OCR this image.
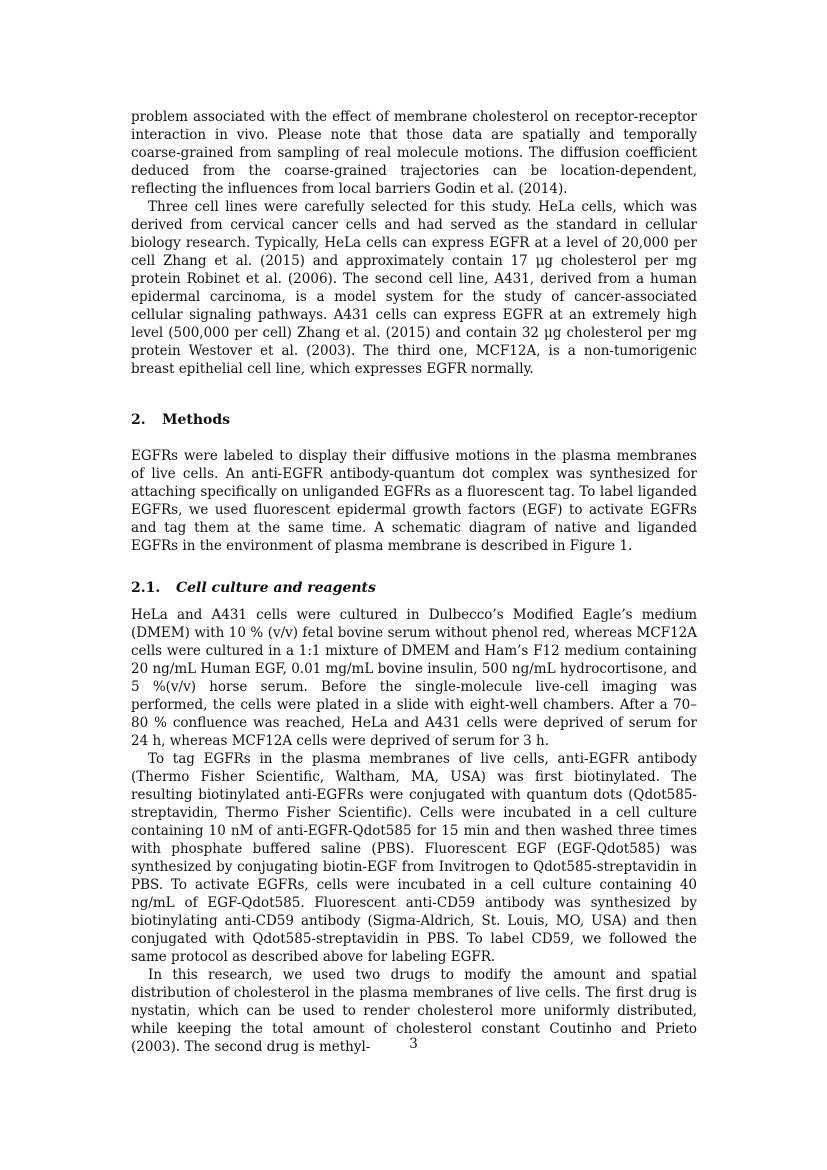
problem associated with the effect of membrane cholesterol on receptor-receptor interaction in vivo. Please note that those data are spatially and temporally coarse-grained from sampling of real molecule motions. The diffusion coefficient deduced from the coarse-grained trajectories can be location-dependent, reflecting the influences from local barriers Godin et al. (2014).

Three cell lines were carefully selected for this study. HeLa cells, which was derived from cervical cancer cells and had served as the standard in cellular biology research. Typically, HeLa cells can express EGFR at a level of 20,000 per cell Zhang et al. (2015) and approximately contain 17 μg cholesterol per mg protein Robinet et al. (2006). The second cell line, A431, derived from a human epidermal carcinoma, is a model system for the study of cancer-associated cellular signaling pathways. A431 cells can express EGFR at an extremely high level (500,000 per cell) Zhang et al. (2015) and contain 32 μg cholesterol per mg protein Westover et al. (2003). The third one, MCF12A, is a non-tumorigenic breast epithelial cell line, which expresses EGFR normally.

2. Methods

EGFRs were labeled to display their diffusive motions in the plasma membranes of live cells. An anti-EGFR antibody-quantum dot complex was synthesized for attaching specifically on unliganded EGFRs as a fluorescent tag. To label liganded EGFRs, we used fluorescent epidermal growth factors (EGF) to activate EGFRs and tag them at the same time. A schematic diagram of native and liganded EGFRs in the environment of plasma membrane is described in Figure 1.

2.1. Cell culture and reagents

HeLa and A431 cells were cultured in Dulbecco’s Modified Eagle’s medium (DMEM) with 10 % (v/v) fetal bovine serum without phenol red, whereas MCF12A cells were cultured in a 1:1 mixture of DMEM and Ham’s F12 medium containing 20 ng/mL Human EGF, 0.01 mg/mL bovine insulin, 500 ng/mL hydrocortisone, and 5 %(v/v) horse serum. Before the single-molecule live-cell imaging was performed, the cells were plated in a slide with eight-well chambers. After a 70–80 % confluence was reached, HeLa and A431 cells were deprived of serum for 24 h, whereas MCF12A cells were deprived of serum for 3 h.

To tag EGFRs in the plasma membranes of live cells, anti-EGFR antibody (Thermo Fisher Scientific, Waltham, MA, USA) was first biotinylated. The resulting biotinylated anti-EGFRs were conjugated with quantum dots (Qdot585-streptavidin, Thermo Fisher Scientific). Cells were incubated in a cell culture containing 10 nM of anti-EGFR-Qdot585 for 15 min and then washed three times with phosphate buffered saline (PBS). Fluorescent EGF (EGF-Qdot585) was synthesized by conjugating biotin-EGF from Invitrogen to Qdot585-streptavidin in PBS. To activate EGFRs, cells were incubated in a cell culture containing 40 ng/mL of EGF-Qdot585. Fluorescent anti-CD59 antibody was synthesized by biotinylating anti-CD59 antibody (Sigma-Aldrich, St. Louis, MO, USA) and then conjugated with Qdot585-streptavidin in PBS. To label CD59, we followed the same protocol as described above for labeling EGFR.

In this research, we used two drugs to modify the amount and spatial distribution of cholesterol in the plasma membranes of live cells. The first drug is nystatin, which can be used to render cholesterol more uniformly distributed, while keeping the total amount of cholesterol constant Coutinho and Prieto (2003). The second drug is methyl-	3
